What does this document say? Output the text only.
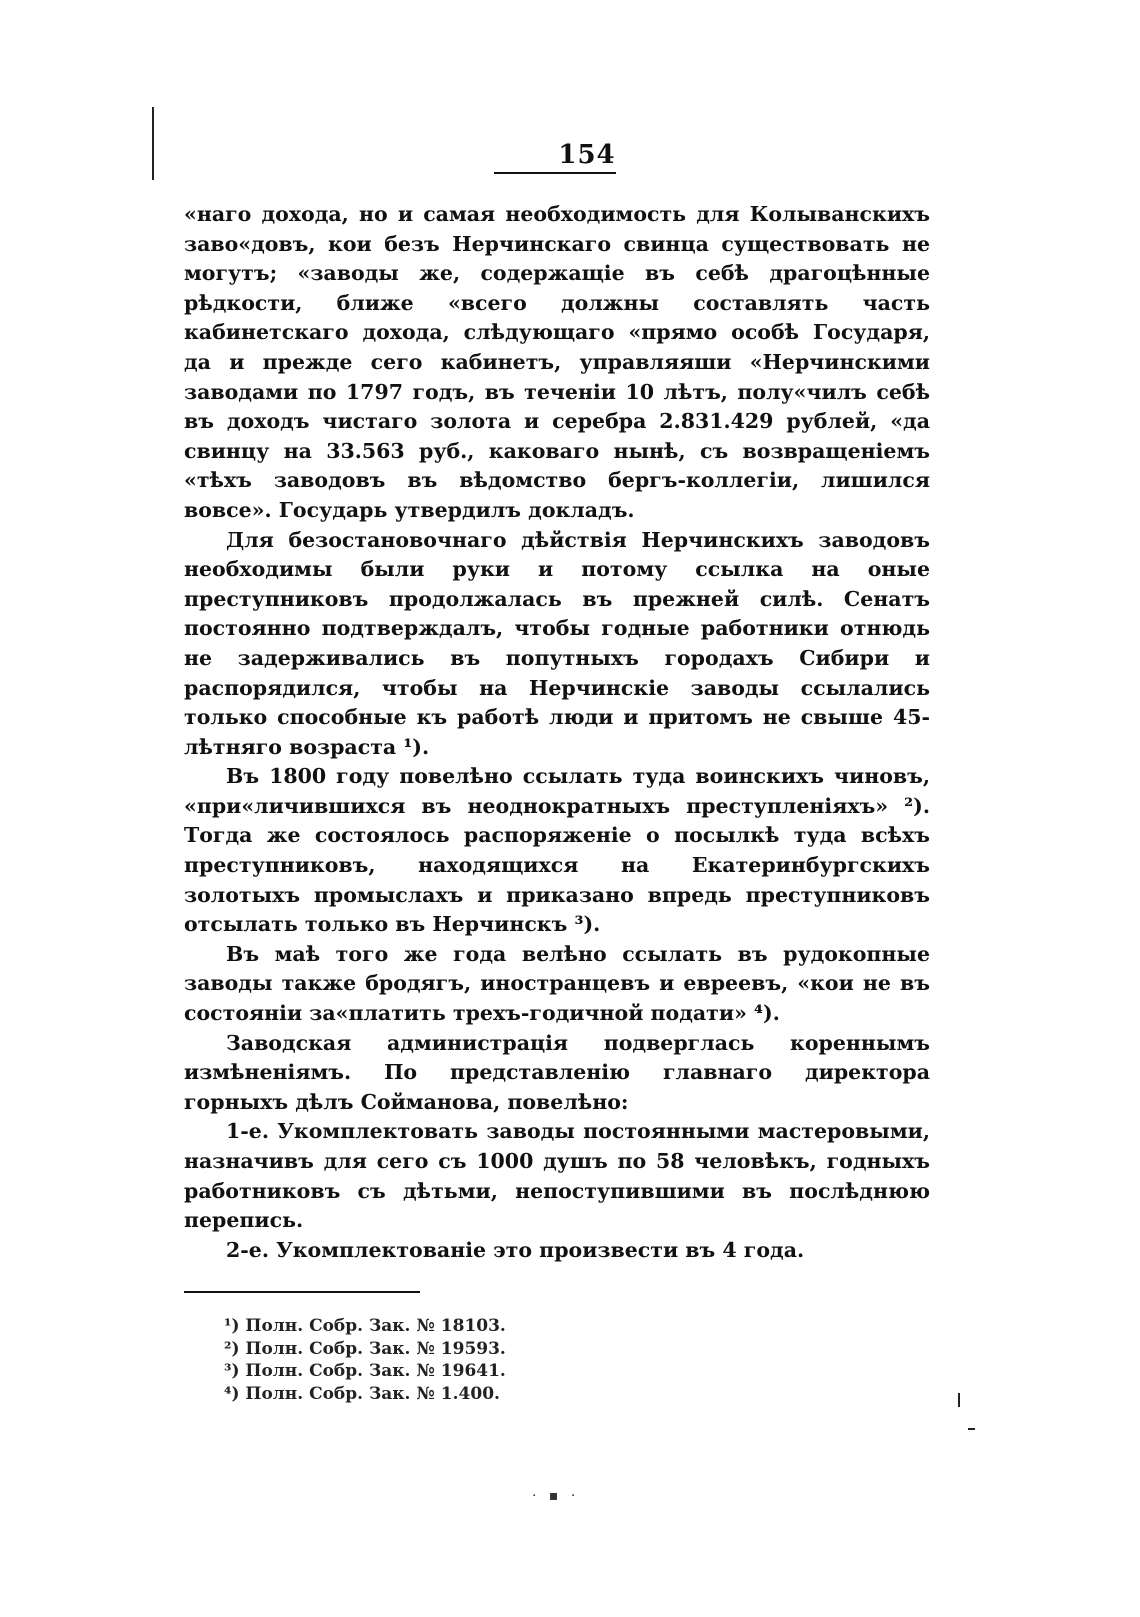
154

«наго дохода, но и самая необходимость для Колыванскихъ заво«довъ, кои безъ Нерчинскаго свинца существовать не могутъ; «заводы же, содержащіе въ себѣ драгоцѣнные рѣдкости, ближе «всего должны составлять часть кабинетскаго дохода, слѣдующаго «прямо особѣ Государя, да и прежде сего кабинетъ, управляяши «Нерчинскими заводами по 1797 годъ, въ теченіи 10 лѣтъ, полу«чилъ себѣ въ доходъ чистаго золота и серебра 2.831.429 рублей, «да свинцу на 33.563 руб., каковаго нынѣ, съ возвращеніемъ «тѣхъ заводовъ въ вѣдомство бергъ-коллегіи, лишился вовсе». Государь утвердилъ докладъ.

Для безостановочнаго дѣйствія Нерчинскихъ заводовъ необходимы были руки и потому ссылка на оные преступниковъ продолжалась въ прежней силѣ. Сенатъ постоянно подтверждалъ, чтобы годные работники отнюдь не задерживались въ попутныхъ городахъ Сибири и распорядился, чтобы на Нерчинскіе заводы ссылались только способные къ работѣ люди и притомъ не свыше 45-лѣтняго возраста ¹).

Въ 1800 году повелѣно ссылать туда воинскихъ чиновъ, «при«личившихся въ неоднократныхъ преступленіяхъ» ²). Тогда же состоялось распоряженіе о посылкѣ туда всѣхъ преступниковъ, находящихся на Екатеринбургскихъ золотыхъ промыслахъ и приказано впредь преступниковъ отсылать только въ Нерчинскъ ³).

Въ маѣ того же года велѣно ссылать въ рудокопные заводы также бродягъ, иностранцевъ и евреевъ, «кои не въ состояніи за«платить трехъ-годичной подати» ⁴).

Заводская администрація подверглась кореннымъ измѣненіямъ. По представленію главнаго директора горныхъ дѣлъ Сойманова, повелѣно:

1-е. Укомплектовать заводы постоянными мастеровыми, назначивъ для сего съ 1000 душъ по 58 человѣкъ, годныхъ работниковъ съ дѣтьми, непоступившими въ послѣднюю перепись.

2-е. Укомплектованіе это произвести въ 4 года.

¹) Полн. Собр. Зак. № 18103.
²) Полн. Собр. Зак. № 19593.
³) Полн. Собр. Зак. № 19641.
⁴) Полн. Собр. Зак. № 1.400.
· ▪ ·
